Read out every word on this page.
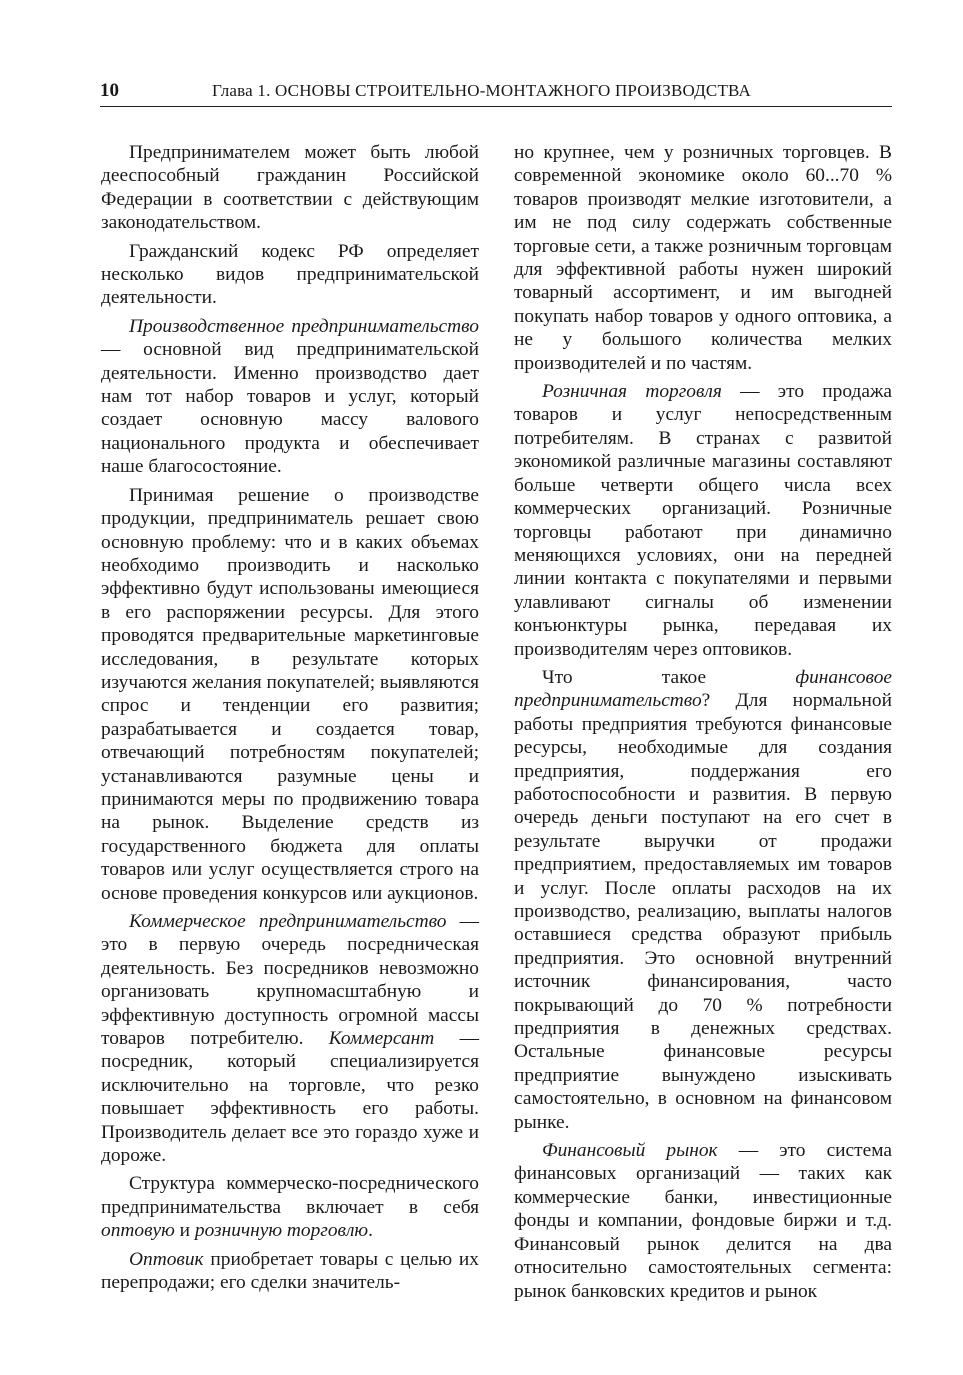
10	Глава 1. ОСНОВЫ СТРОИТЕЛЬНО-МОНТАЖНОГО ПРОИЗВОДСТВА

Предпринимателем может быть любой дееспособный гражданин Российской Федерации в соответствии с действующим законодательством.

Гражданский кодекс РФ определяет несколько видов предпринимательской деятельности.

Производственное предпринимательство — основной вид предпринимательской деятельности. Именно производство дает нам тот набор товаров и услуг, который создает основную массу валового национального продукта и обеспечивает наше благосостояние.

Принимая решение о производстве продукции, предприниматель решает свою основную проблему: что и в каких объемах необходимо производить и насколько эффективно будут использованы имеющиеся в его распоряжении ресурсы. Для этого проводятся предварительные маркетинговые исследования, в результате которых изучаются желания покупателей; выявляются спрос и тенденции его развития; разрабатывается и создается товар, отвечающий потребностям покупателей; устанавливаются разумные цены и принимаются меры по продвижению товара на рынок. Выделение средств из государственного бюджета для оплаты товаров или услуг осуществляется строго на основе проведения конкурсов или аукционов.

Коммерческое предпринимательство — это в первую очередь посредническая деятельность. Без посредников невозможно организовать крупномасштабную и эффективную доступность огромной массы товаров потребителю. Коммерсант — посредник, который специализируется исключительно на торговле, что резко повышает эффективность его работы. Производитель делает все это гораздо хуже и дороже.

Структура коммерческо-посреднического предпринимательства включает в себя оптовую и розничную торговлю.

Оптовик приобретает товары с целью их перепродажи; его сделки значитель-

но крупнее, чем у розничных торговцев. В современной экономике около 60...70 % товаров производят мелкие изготовители, а им не под силу содержать собственные торговые сети, а также розничным торговцам для эффективной работы нужен широкий товарный ассортимент, и им выгодней покупать набор товаров у одного оптовика, а не у большого количества мелких производителей и по частям.

Розничная торговля — это продажа товаров и услуг непосредственным потребителям. В странах с развитой экономикой различные магазины составляют больше четверти общего числа всех коммерческих организаций. Розничные торговцы работают при динамично меняющихся условиях, они на передней линии контакта с покупателями и первыми улавливают сигналы об изменении конъюнктуры рынка, передавая их производителям через оптовиков.

Что такое финансовое предпринимательство? Для нормальной работы предприятия требуются финансовые ресурсы, необходимые для создания предприятия, поддержания его работоспособности и развития. В первую очередь деньги поступают на его счет в результате выручки от продажи предприятием, предоставляемых им товаров и услуг. После оплаты расходов на их производство, реализацию, выплаты налогов оставшиеся средства образуют прибыль предприятия. Это основной внутренний источник финансирования, часто покрывающий до 70 % потребности предприятия в денежных средствах. Остальные финансовые ресурсы предприятие вынуждено изыскивать самостоятельно, в основном на финансовом рынке.

Финансовый рынок — это система финансовых организаций — таких как коммерческие банки, инвестиционные фонды и компании, фондовые биржи и т.д. Финансовый рынок делится на два относительно самостоятельных сегмента: рынок банковских кредитов и рынок
